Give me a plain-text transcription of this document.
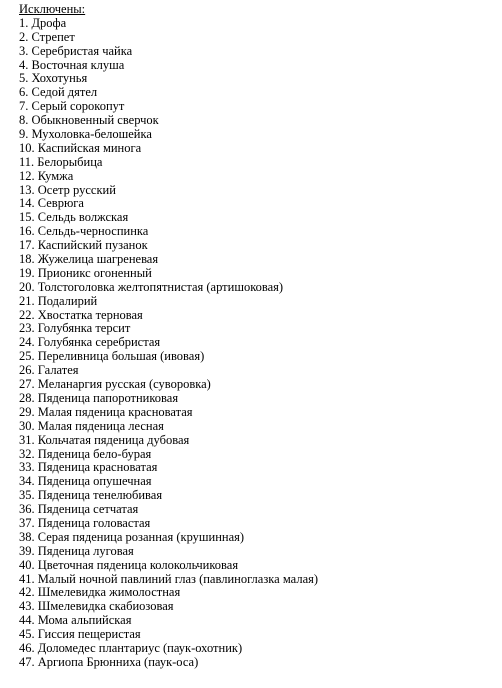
Исключены:
1. Дрофа
2. Стрепет
3. Серебристая чайка
4. Восточная клуша
5. Хохотунья
6. Седой дятел
7. Серый сорокопут
8. Обыкновенный сверчок
9. Мухоловка-белошейка
10. Каспийская минога
11. Белорыбица
12. Кумжа
13. Осетр русский
14. Севрюга
15. Сельдь волжская
16. Сельдь-черноспинка
17. Каспийский пузанок
18. Жужелица шагреневая
19. Прионикс огоненный
20. Толстоголовка желтопятнистая (артишоковая)
21. Подалирий
22. Хвостатка терновая
23. Голубянка терсит
24. Голубянка серебристая
25. Переливница большая (ивовая)
26. Галатея
27. Меланаргия русская (суворовка)
28. Пяденица папоротниковая
29. Малая пяденица красноватая
30. Малая пяденица лесная
31. Кольчатая пяденица дубовая
32. Пяденица бело-бурая
33. Пяденица красноватая
34. Пяденица опушечная
35. Пяденица тенелюбивая
36. Пяденица сетчатая
37. Пяденица головастая
38. Серая пяденица розанная (крушинная)
39. Пяденица луговая
40. Цветочная пяденица колокольчиковая
41. Малый ночной павлиний глаз (павлиноглазка малая)
42. Шмелевидка жимолостная
43. Шмелевидка скабиозовая
44. Мома альпийская
45. Гиссия пещеристая
46. Доломедес плантариус (паук-охотник)
47. Аргиопа Брюнниха (паук-оса)
